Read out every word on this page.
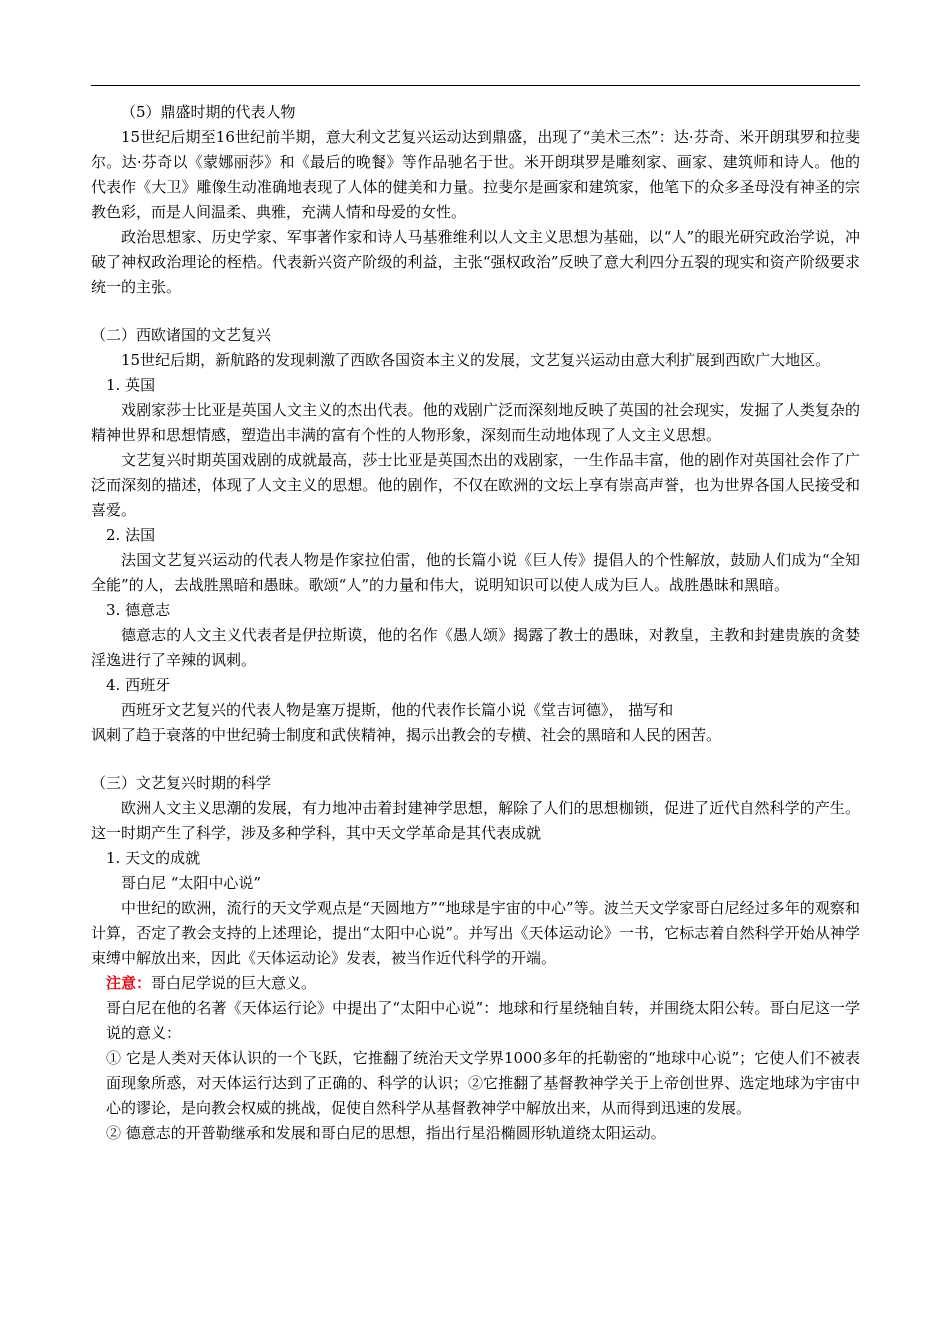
（5）鼎盛时期的代表人物

15世纪后期至16世纪前半期，意大利文艺复兴运动达到鼎盛，出现了“美术三杰”：达·芬奇、米开朗琪罗和拉斐尔。达·芬奇以《蒙娜丽莎》和《最后的晚餐》等作品驰名于世。米开朗琪罗是雕刻家、画家、建筑师和诗人。他的代表作《大卫》雕像生动准确地表现了人体的健美和力量。拉斐尔是画家和建筑家，他笔下的众多圣母没有神圣的宗教色彩，而是人间温柔、典雅，充满人情和母爱的女性。

政治思想家、历史学家、军事著作家和诗人马基雅维利以人文主义思想为基础，以“人”的眼光研究政治学说，冲破了神权政治理论的桎梏。代表新兴资产阶级的利益，主张“强权政治”反映了意大利四分五裂的现实和资产阶级要求统一的主张。

（二）西欧诸国的文艺复兴

15世纪后期，新航路的发现刺激了西欧各国资本主义的发展，文艺复兴运动由意大利扩展到西欧广大地区。

1. 英国

戏剧家莎士比亚是英国人文主义的杰出代表。他的戏剧广泛而深刻地反映了英国的社会现实，发掘了人类复杂的精神世界和思想情感，塑造出丰满的富有个性的人物形象，深刻而生动地体现了人文主义思想。

文艺复兴时期英国戏剧的成就最高，莎士比亚是英国杰出的戏剧家，一生作品丰富，他的剧作对英国社会作了广泛而深刻的描述，体现了人文主义的思想。他的剧作，不仅在欧洲的文坛上享有崇高声誉，也为世界各国人民接受和喜爱。

2. 法国

法国文艺复兴运动的代表人物是作家拉伯雷，他的长篇小说《巨人传》提倡人的个性解放，鼓励人们成为“全知全能”的人，去战胜黑暗和愚昧。歌颂“人”的力量和伟大，说明知识可以使人成为巨人。战胜愚昧和黑暗。

3. 德意志

德意志的人文主义代表者是伊拉斯谟，他的名作《愚人颂》揭露了教士的愚昧，对教皇，主教和封建贵族的贪婪淫逸进行了辛辣的讽刺。

4. 西班牙

西班牙文艺复兴的代表人物是塞万提斯，他的代表作长篇小说《堂吉诃德》， 描写和

讽刺了趋于衰落的中世纪骑士制度和武侠精神，揭示出教会的专横、社会的黑暗和人民的困苦。

（三）文艺复兴时期的科学

欧洲人文主义思潮的发展，有力地冲击着封建神学思想，解除了人们的思想枷锁，促进了近代自然科学的产生。这一时期产生了科学，涉及多种学科，其中天文学革命是其代表成就

1. 天文的成就

哥白尼 “太阳中心说”

中世纪的欧洲，流行的天文学观点是“天圆地方”“地球是宇宙的中心”等。波兰天文学家哥白尼经过多年的观察和计算，否定了教会支持的上述理论，提出“太阳中心说”。并写出《天体运动论》一书，它标志着自然科学开始从神学束缚中解放出来，因此《天体运动论》发表，被当作近代科学的开端。

注意：哥白尼学说的巨大意义。

哥白尼在他的名著《天体运行论》中提出了“太阳中心说”：地球和行星绕轴自转，并围绕太阳公转。哥白尼这一学说的意义：

① 它是人类对天体认识的一个飞跃，它推翻了统治天文学界1000多年的托勒密的“地球中心说”；它使人们不被表面现象所惑，对天体运行达到了正确的、科学的认识；②它推翻了基督教神学关于上帝创世界、选定地球为宇宙中心的谬论，是向教会权威的挑战，促使自然科学从基督教神学中解放出来，从而得到迅速的发展。

② 德意志的开普勒继承和发展和哥白尼的思想，指出行星沿椭圆形轨道绕太阳运动。
